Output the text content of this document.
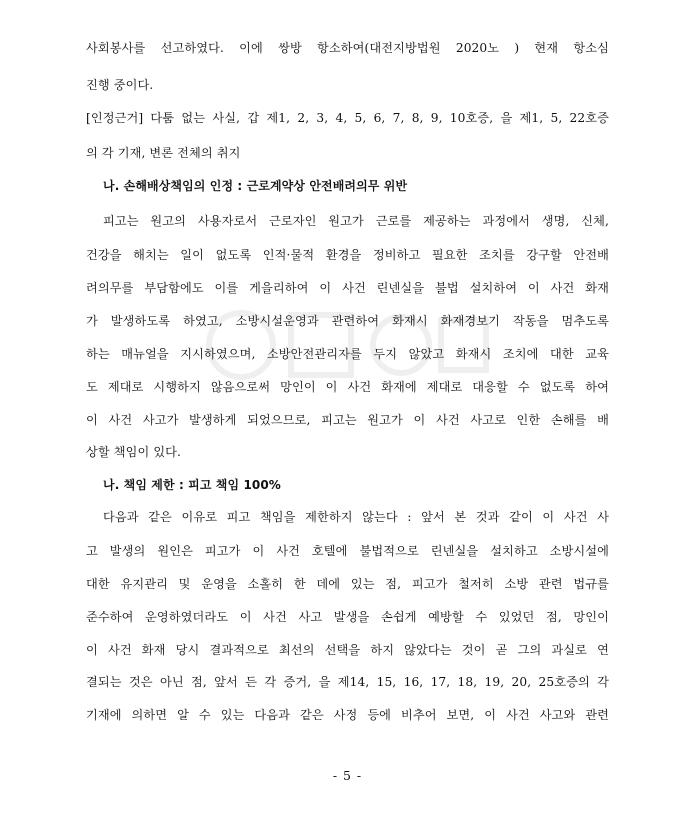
사회봉사를 선고하였다. 이에 쌍방 항소하여(대전지방법원 2020노 ) 현재 항소심
진행 중이다.
[인정근거] 다툼 없는 사실, 갑 제1, 2, 3, 4, 5, 6, 7, 8, 9, 10호증, 을 제1, 5, 22호증
의 각 기재, 변론 전체의 취지
나. 손해배상책임의 인정 : 근로계약상 안전배려의무 위반
피고는 원고의 사용자로서 근로자인 원고가 근로를 제공하는 과정에서 생명, 신체,
건강을 해치는 일이 없도록 인적·물적 환경을 정비하고 필요한 조치를 강구할 안전배
려의무를 부담함에도 이를 게을리하여 이 사건 린넨실을 불법 설치하여 이 사건 화재
가 발생하도록 하였고, 소방시설운영과 관련하여 화재시 화재경보기 작동을 멈추도록
하는 매뉴얼을 지시하였으며, 소방안전관리자를 두지 않았고 화재시 조치에 대한 교육
도 제대로 시행하지 않음으로써 망인이 이 사건 화재에 제대로 대응할 수 없도록 하여
이 사건 사고가 발생하게 되었으므로, 피고는 원고가 이 사건 사고로 인한 손해를 배
상할 책임이 있다.
나. 책임 제한 : 피고 책임 100%
다음과 같은 이유로 피고 책임을 제한하지 않는다 : 앞서 본 것과 같이 이 사건 사
고 발생의 원인은 피고가 이 사건 호텔에 불법적으로 린넨실을 설치하고 소방시설에
대한 유지관리 및 운영을 소홀히 한 데에 있는 점, 피고가 철저히 소방 관련 법규를
준수하여 운영하였더라도 이 사건 사고 발생을 손쉽게 예방할 수 있었던 점, 망인이
이 사건 화재 당시 결과적으로 최선의 선택을 하지 않았다는 것이 곧 그의 과실로 연
결되는 것은 아닌 점, 앞서 든 각 증거, 을 제14, 15, 16, 17, 18, 19, 20, 25호증의 각
기재에 의하면 알 수 있는 다음과 같은 사정 등에 비추어 보면, 이 사건 사고와 관련
- 5 -
